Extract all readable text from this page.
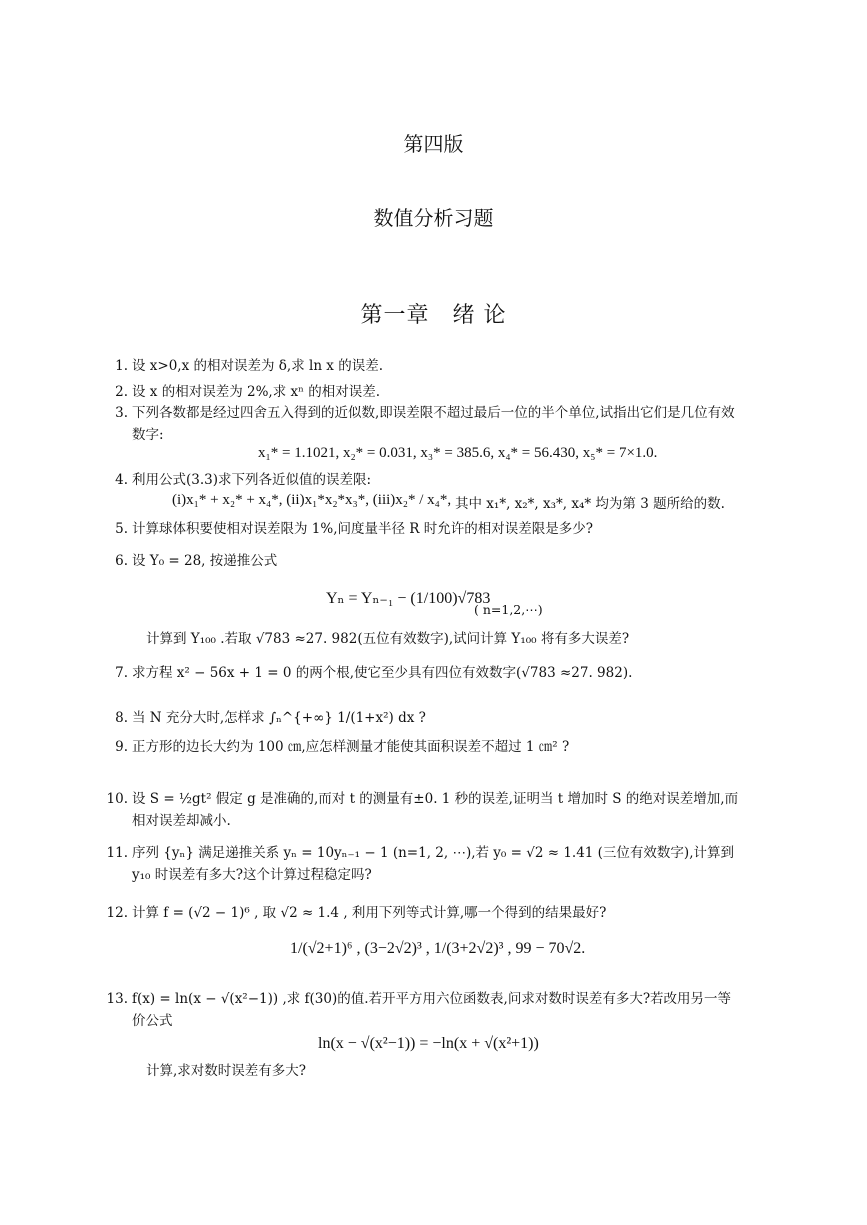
第四版
数值分析习题
第一章　绪 论
1. 设 x>0,x 的相对误差为 δ,求 ln x 的误差.
2. 设 x 的相对误差为 2%,求 xⁿ 的相对误差.
3. 下列各数都是经过四舍五入得到的近似数,即误差限不超过最后一位的半个单位,试指出它们是几位有效数字:
x₁* = 1.1021, x₂* = 0.031, x₃* = 385.6, x₄* = 56.430, x₅* = 7×1.0.
4. 利用公式(3.3)求下列各近似值的误差限:
(i)x₁* + x₂* + x₄*, (ii)x₁*x₂*x₃*, (iii)x₂* / x₄*, 其中 x₁*, x₂*, x₃*, x₄* 均为第 3 题所给的数.
5. 计算球体积要使相对误差限为 1%,问度量半径 R 时允许的相对误差限是多少?
6. 设 Y₀ = 28, 按递推公式
Yₙ = Yₙ₋₁ − (1/100)√783
( n=1,2,⋯)
计算到 Y₁₀₀ .若取 √783 ≈27. 982(五位有效数字),试问计算 Y₁₀₀ 将有多大误差?
7. 求方程 x² − 56x + 1 = 0 的两个根,使它至少具有四位有效数字(√783 ≈27. 982).
8. 当 N 充分大时,怎样求 ∫ₙ^{+∞} 1/(1+x²) dx ?
9. 正方形的边长大约为 100 ㎝,应怎样测量才能使其面积误差不超过 1 ㎝² ?
10. 设 S = ½gt² 假定 g 是准确的,而对 t 的测量有±0. 1 秒的误差,证明当 t 增加时 S 的绝对误差增加,而相对误差却减小.
11. 序列 {yₙ} 满足递推关系 yₙ = 10yₙ₋₁ − 1 (n=1, 2, ⋯),若 y₀ = √2 ≈ 1.41 (三位有效数字),计算到 y₁₀ 时误差有多大?这个计算过程稳定吗?
12. 计算 f = (√2 − 1)⁶ , 取 √2 ≈ 1.4 , 利用下列等式计算,哪一个得到的结果最好?
1/(√2+1)⁶ , (3−2√2)³ , 1/(3+2√2)³ , 99 − 70√2.
13. f(x) = ln(x − √(x²−1)) ,求 f(30)的值.若开平方用六位函数表,问求对数时误差有多大?若改用另一等价公式
ln(x − √(x²−1)) = −ln(x + √(x²+1))
计算,求对数时误差有多大?
